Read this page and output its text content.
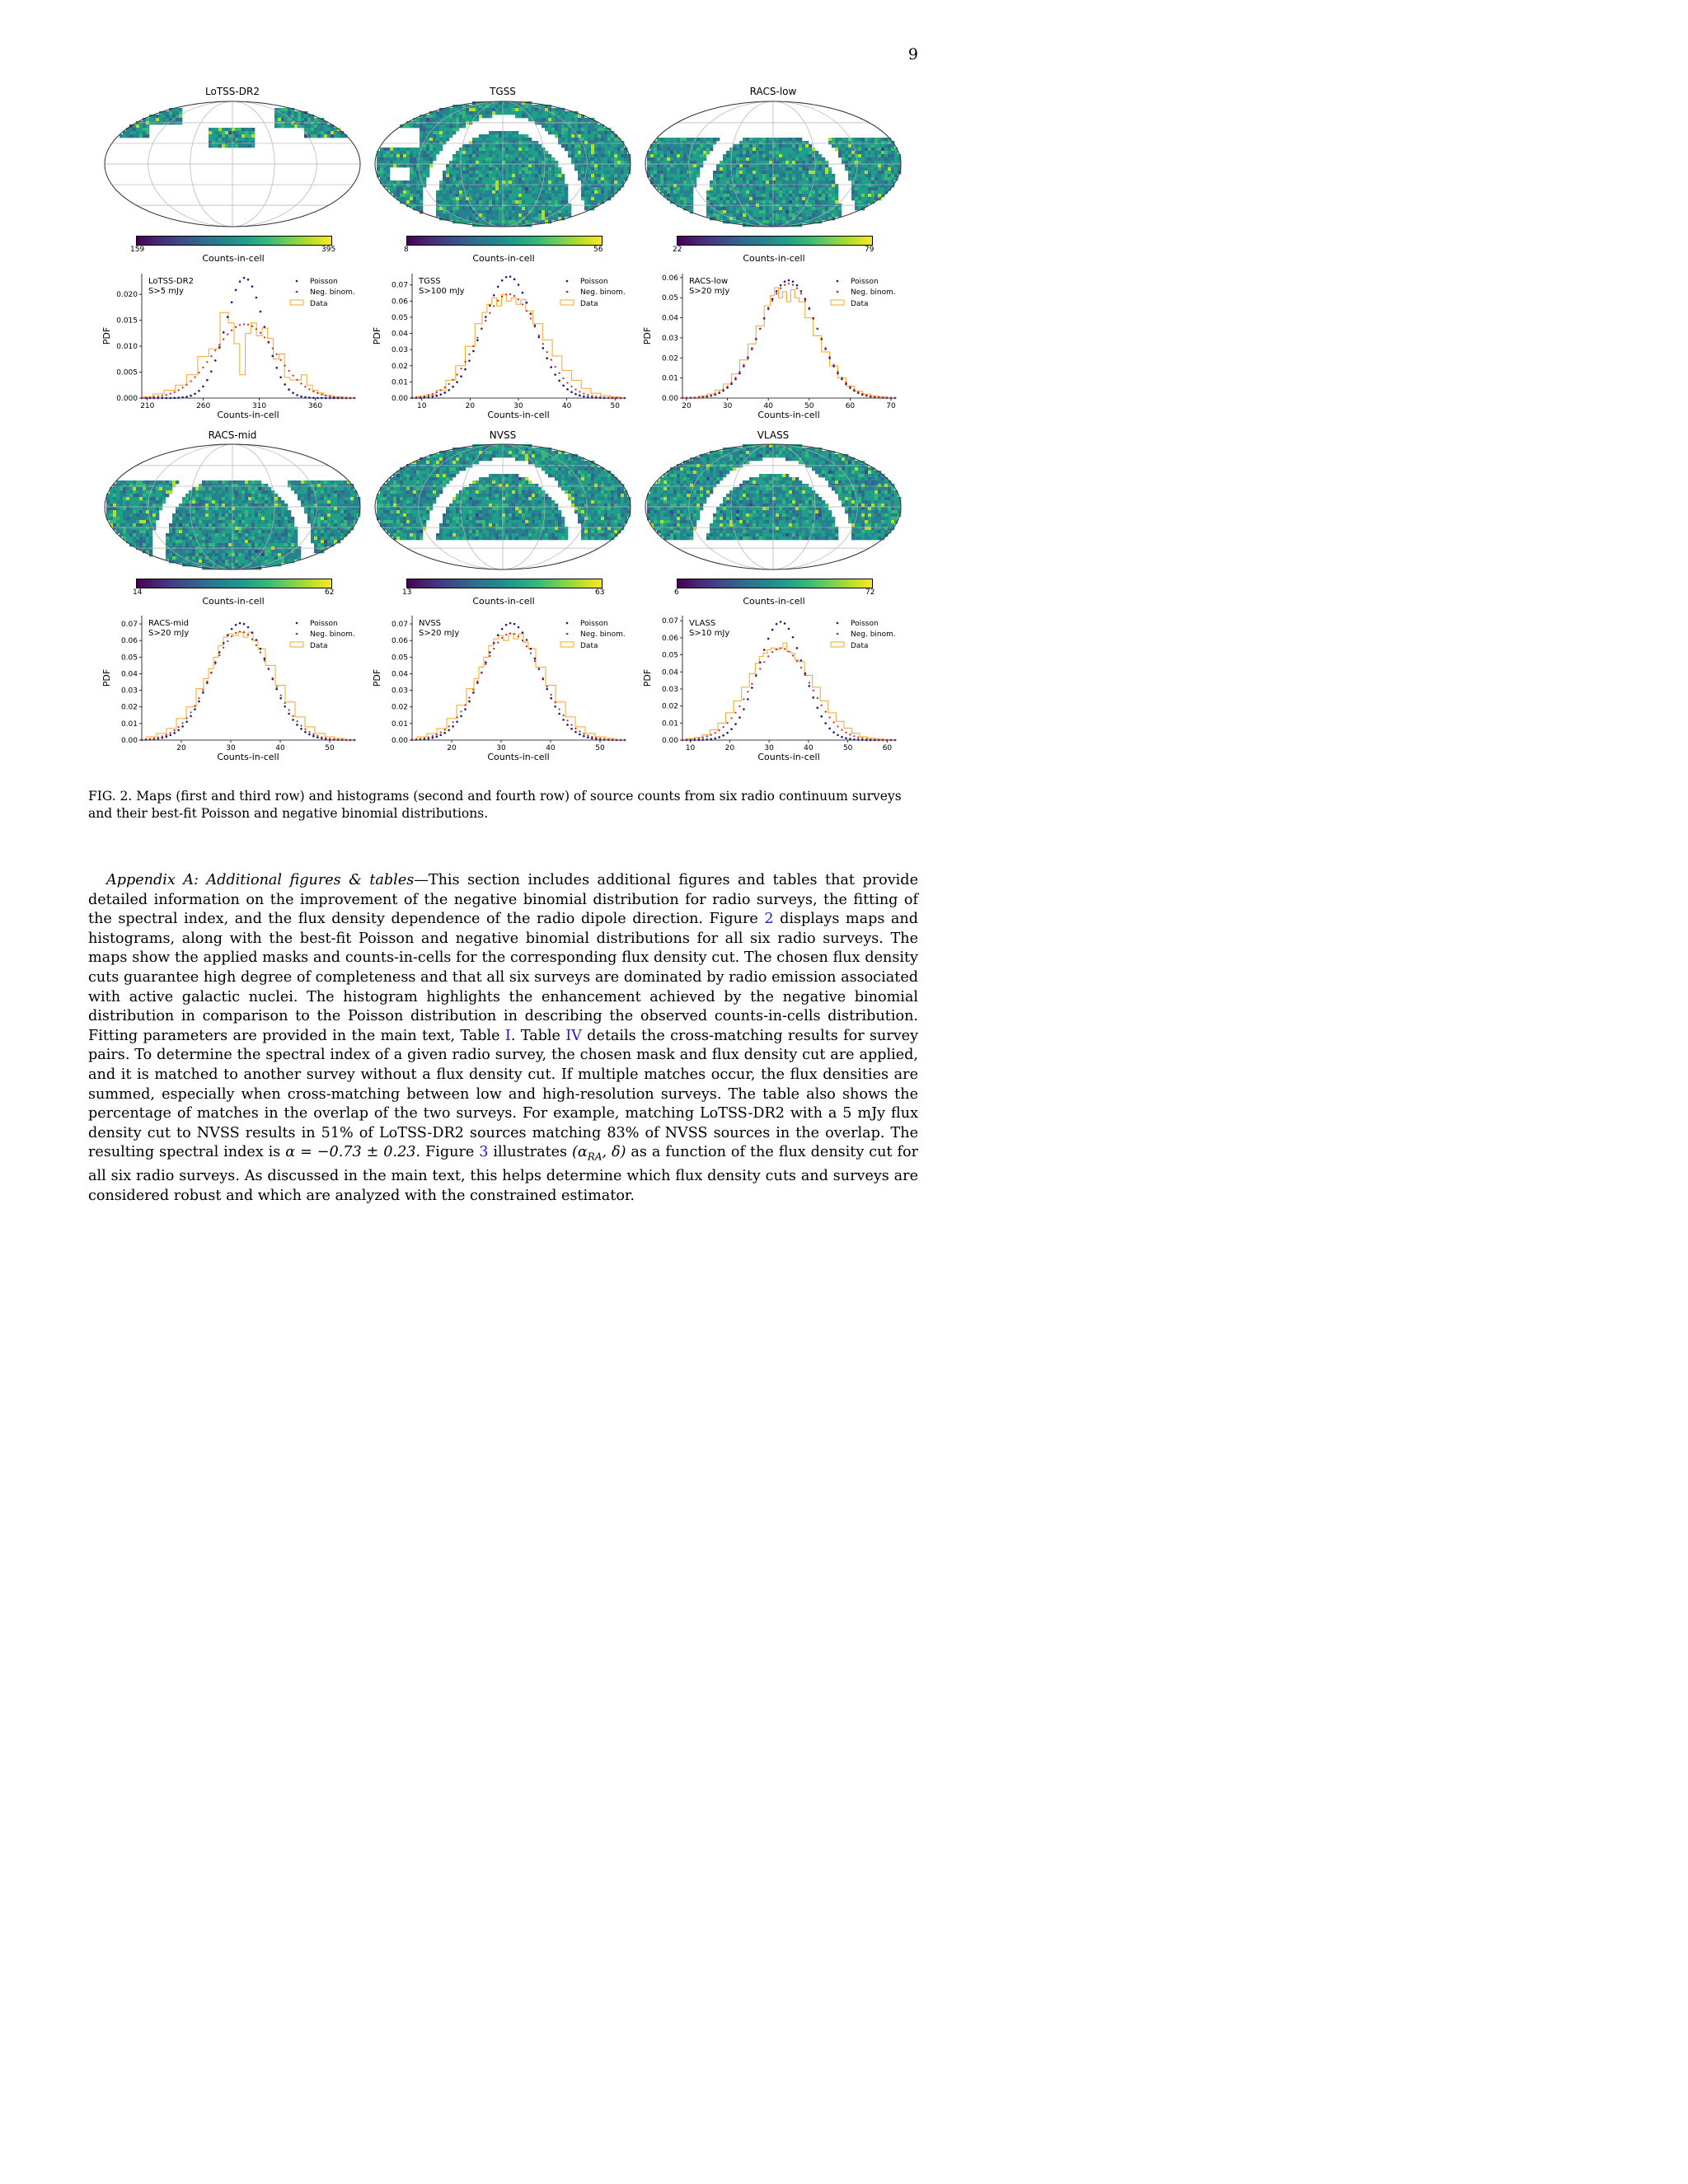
9
LoTSS-DR2
159	395
Counts-in-cell
TGSS
8	56
Counts-in-cell
RACS-low
22	79
Counts-in-cell
0.000
0.005
0.010
0.015
0.020
210	260	310	360
Counts-in-cell
PDF
LoTSS-DR2
S>5 mJy
Poisson
Neg. binom.
Data
0.00
0.01
0.02
0.03
0.04
0.05
0.06
0.07
10	20	30	40	50
Counts-in-cell
PDF
TGSS
S>100 mJy
Poisson
Neg. binom.
Data
0.00
0.01
0.02
0.03
0.04
0.05
0.06
20	30	40	50	60	70
Counts-in-cell
PDF
RACS-low
S>20 mJy
Poisson
Neg. binom.
Data
RACS-mid
14	62
Counts-in-cell
NVSS
13	63
Counts-in-cell
VLASS
6	72
Counts-in-cell
0.00
0.01
0.02
0.03
0.04
0.05
0.06
0.07
20	30	40	50
Counts-in-cell
PDF
RACS-mid
S>20 mJy
Poisson
Neg. binom.
Data
0.00
0.01
0.02
0.03
0.04
0.05
0.06
0.07
20	30	40	50
Counts-in-cell
PDF
NVSS
S>20 mJy
Poisson
Neg. binom.
Data
0.00
0.01
0.02
0.03
0.04
0.05
0.06
0.07
10	20	30	40	50	60
Counts-in-cell
PDF
VLASS
S>10 mJy
Poisson
Neg. binom.
Data
FIG. 2. Maps (first and third row) and histograms (second and fourth row) of source counts from six radio continuum surveys and their best-fit Poisson and negative binomial distributions.
Appendix A: Additional figures & tables—This section includes additional figures and tables that provide detailed information on the improvement of the negative binomial distribution for radio surveys, the fitting of the spectral index, and the flux density dependence of the radio dipole direction. Figure 2 displays maps and histograms, along with the best-fit Poisson and negative binomial distributions for all six radio surveys. The maps show the applied masks and counts-in-cells for the corresponding flux density cut. The chosen flux density cuts guarantee high degree of completeness and that all six surveys are dominated by radio emission associated with active galactic nuclei. The histogram highlights the enhancement achieved by the negative binomial distribution in comparison to the Poisson distribution in describing the observed counts-in-cells distribution. Fitting parameters are provided in the main text, Table I. Table IV details the cross-matching results for survey pairs. To determine the spectral index of a given radio survey, the chosen mask and flux density cut are applied, and it is matched to another survey without a flux density cut. If multiple matches occur, the flux densities are summed, especially when cross-matching between low and high-resolution surveys. The table also shows the percentage of matches in the overlap of the two surveys. For example, matching LoTSS-DR2 with a 5 mJy flux density cut to NVSS results in 51% of LoTSS-DR2 sources matching 83% of NVSS sources in the overlap. The resulting spectral index is α = −0.73 ± 0.23. Figure 3 illustrates ($\alpha_{RA}$, δ) as a function of the flux density cut for all six radio surveys. As discussed in the main text, this helps determine which flux density cuts and surveys are considered robust and which are analyzed with the constrained estimator.
